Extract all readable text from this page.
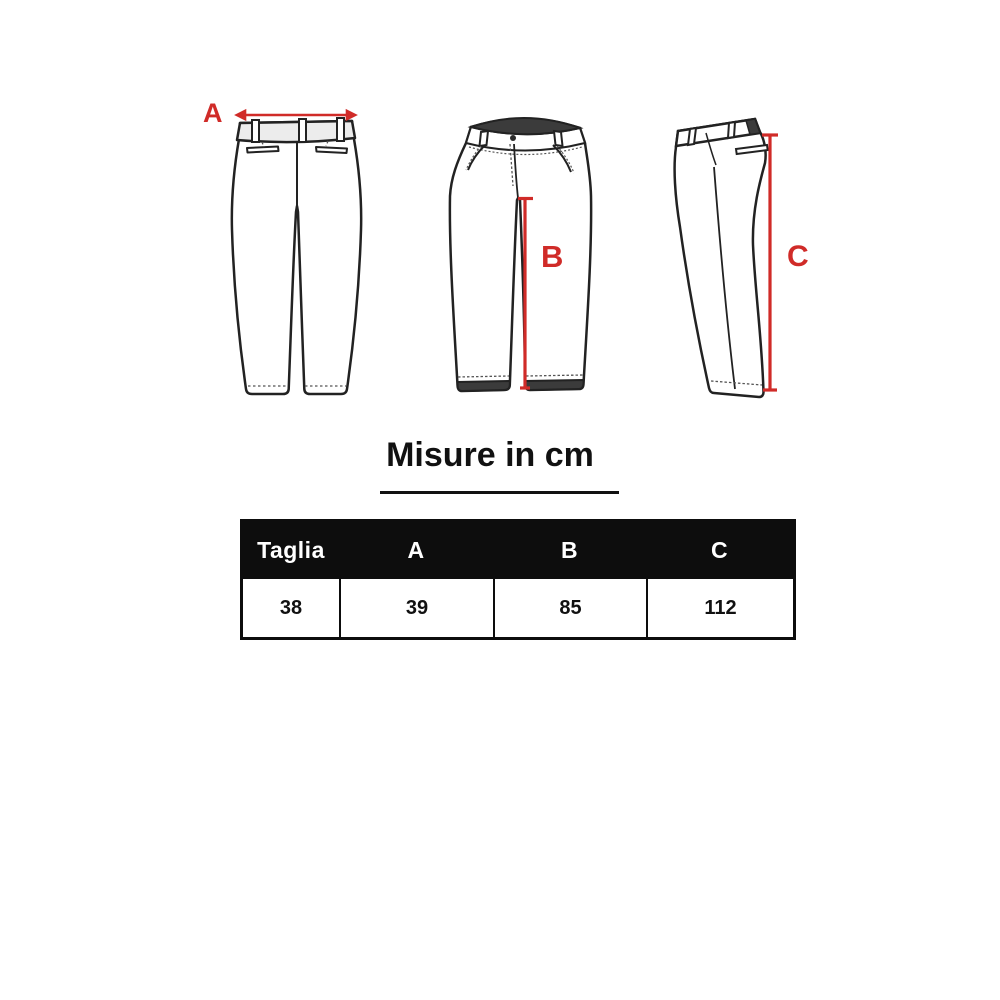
A
B	C
Misure in cm
Taglia	A	B	C
38	39	85	112
